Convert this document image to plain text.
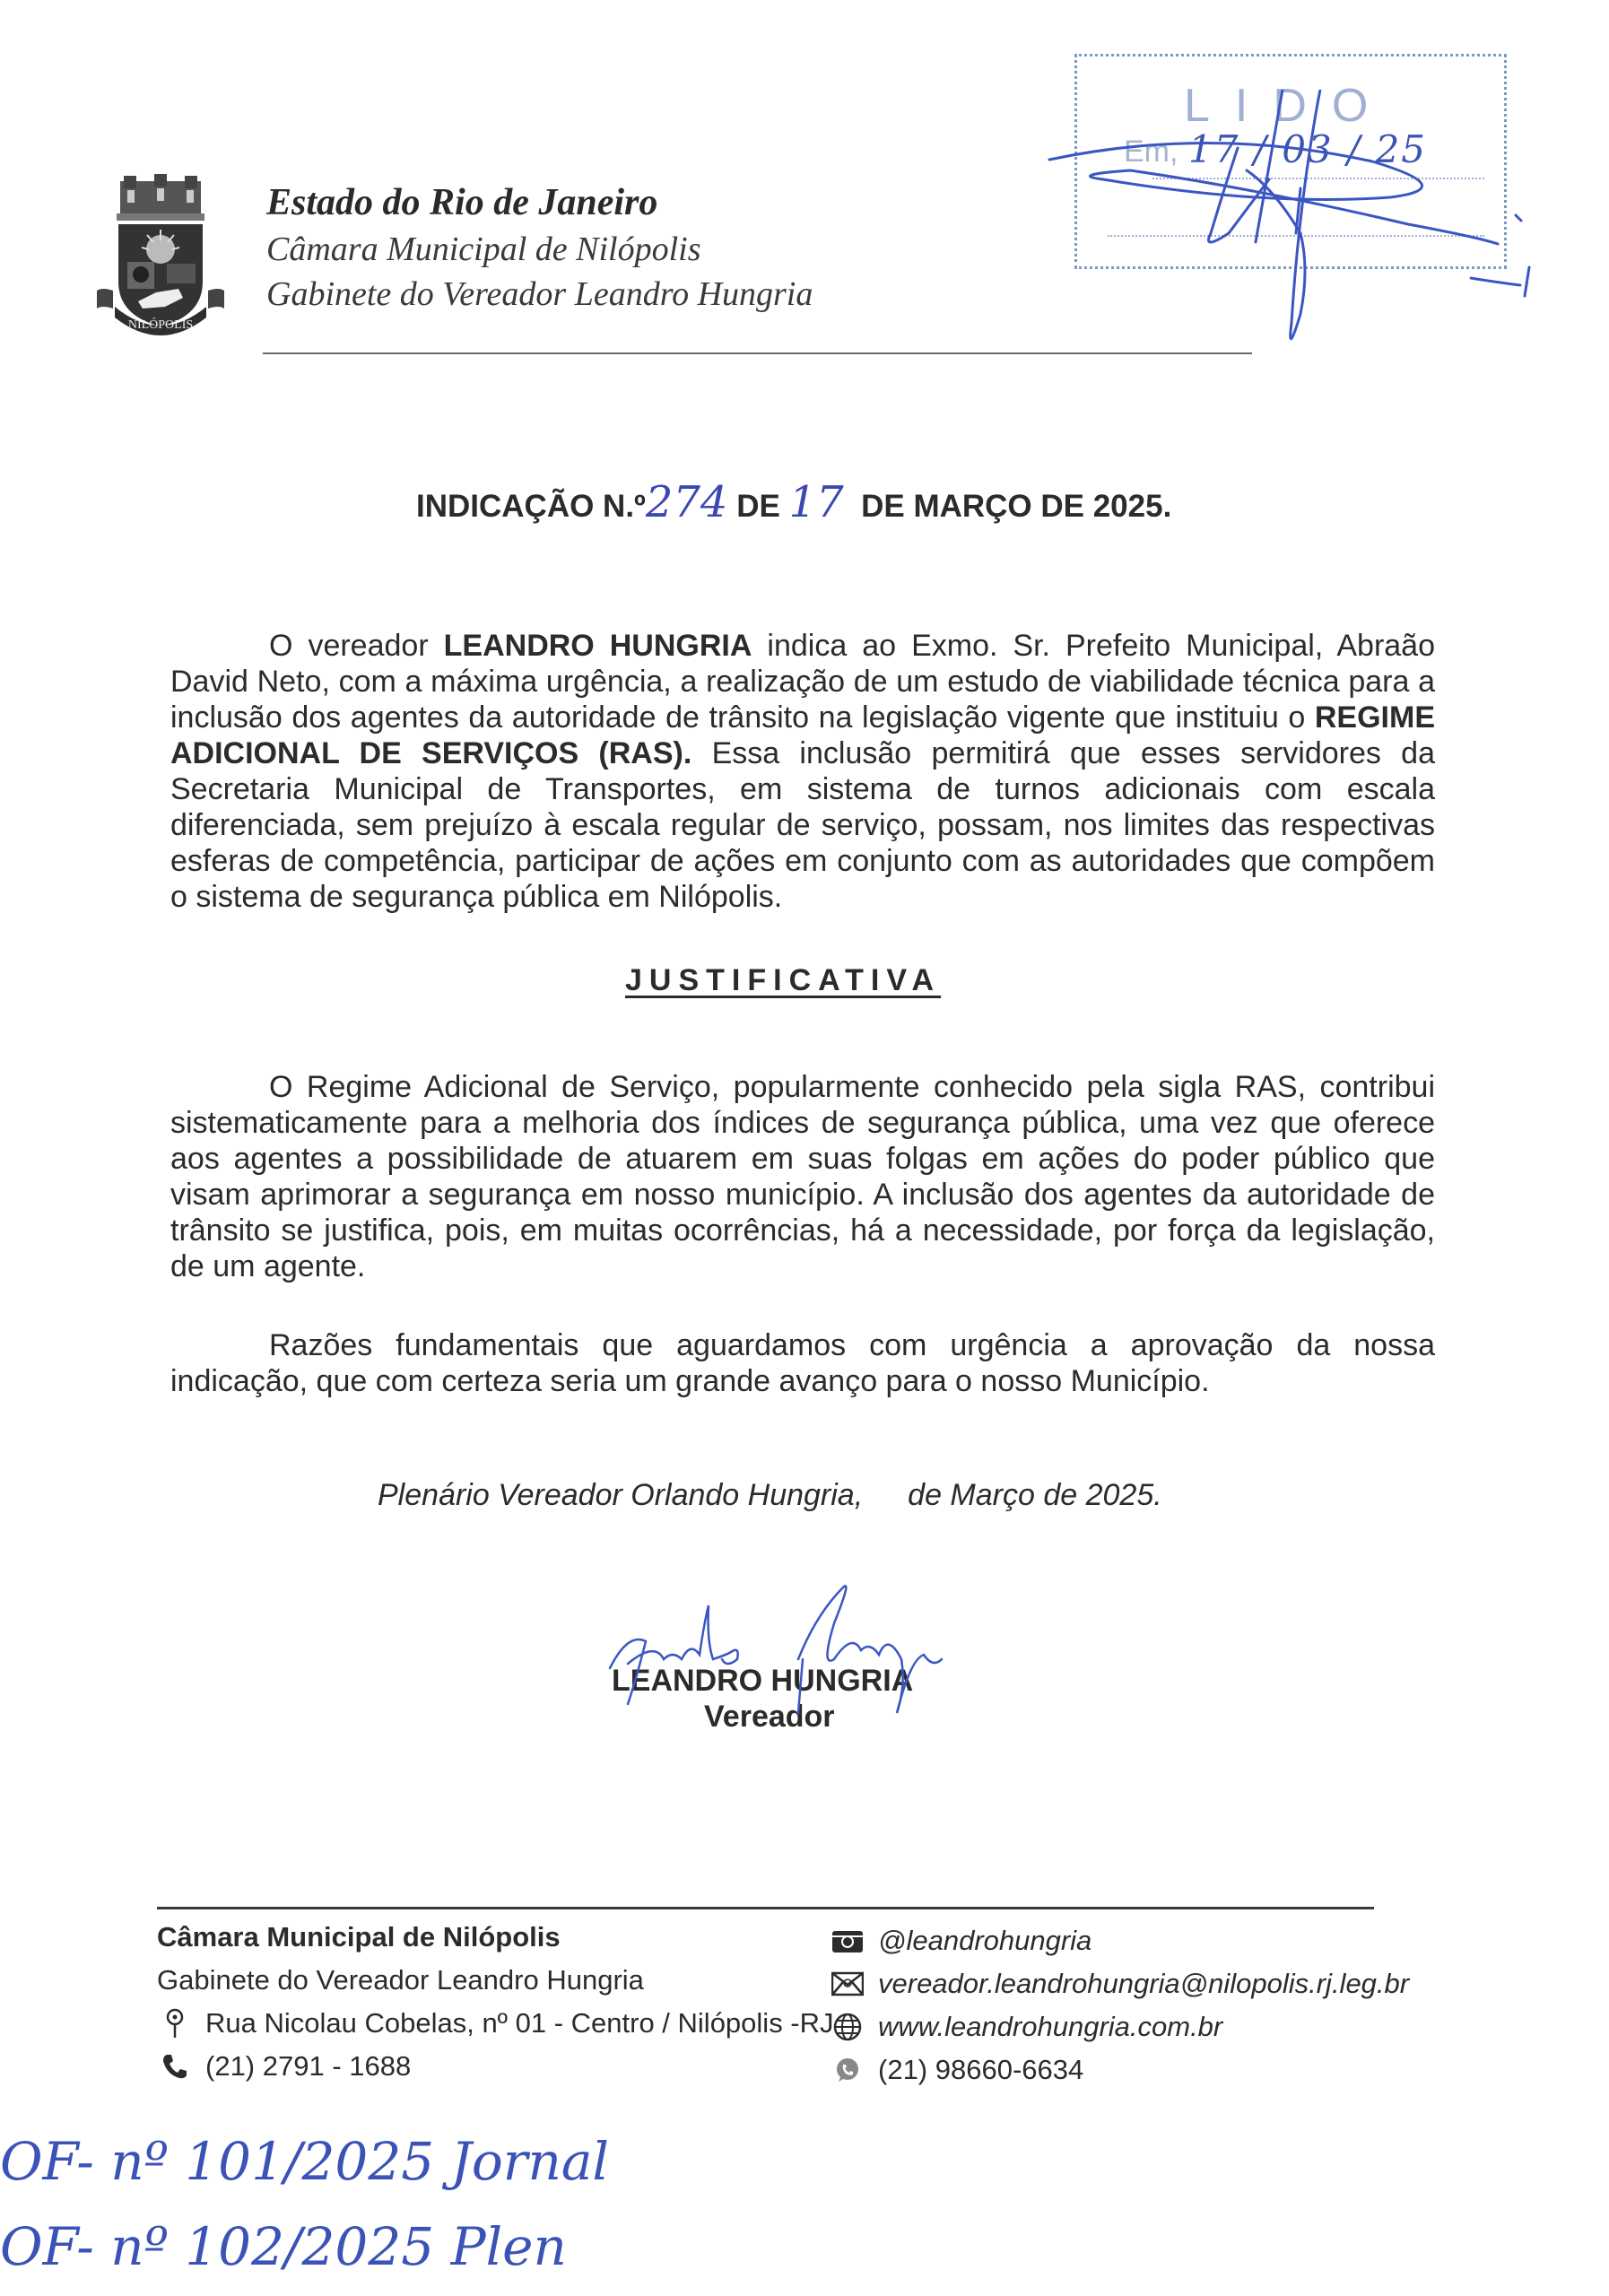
NILÓPOLIS
Estado do Rio de Janeiro
Câmara Municipal de Nilópolis
Gabinete do Vereador Leandro Hungria
LIDO
Em, 17 / 03 / 25
INDICAÇÃO N.º274 DE 17 DE MARÇO DE 2025.
O vereador LEANDRO HUNGRIA indica ao Exmo. Sr. Prefeito Municipal, Abraão David Neto, com a máxima urgência, a realização de um estudo de viabilidade técnica para a inclusão dos agentes da autoridade de trânsito na legislação vigente que instituiu o REGIME ADICIONAL DE SERVIÇOS (RAS). Essa inclusão permitirá que esses servidores da Secretaria Municipal de Transportes, em sistema de turnos adicionais com escala diferenciada, sem prejuízo à escala regular de serviço, possam, nos limites das respectivas esferas de competência, participar de ações em conjunto com as autoridades que compõem o sistema de segurança pública em Nilópolis.
JUSTIFICATIVA
O Regime Adicional de Serviço, popularmente conhecido pela sigla RAS, contribui sistematicamente para a melhoria dos índices de segurança pública, uma vez que oferece aos agentes a possibilidade de atuarem em suas folgas em ações do poder público que visam aprimorar a segurança em nosso município. A inclusão dos agentes da autoridade de trânsito se justifica, pois, em muitas ocorrências, há a necessidade, por força da legislação, de um agente.
Razões fundamentais que aguardamos com urgência a aprovação da nossa indicação, que com certeza seria um grande avanço para o nosso Município.
Plenário Vereador Orlando Hungria, de Março de 2025.
LEANDRO HUNGRIA
Vereador
Câmara Municipal de Nilópolis
Gabinete do Vereador Leandro Hungria
Rua Nicolau Cobelas, nº 01 - Centro / Nilópolis -RJ
(21) 2791 - 1688
@leandrohungria
vereador.leandrohungria@nilopolis.rj.leg.br
www.leandrohungria.com.br
(21) 98660-6634
OF- nº 101/2025 Jornal
OF- nº 102/2025 Plen
